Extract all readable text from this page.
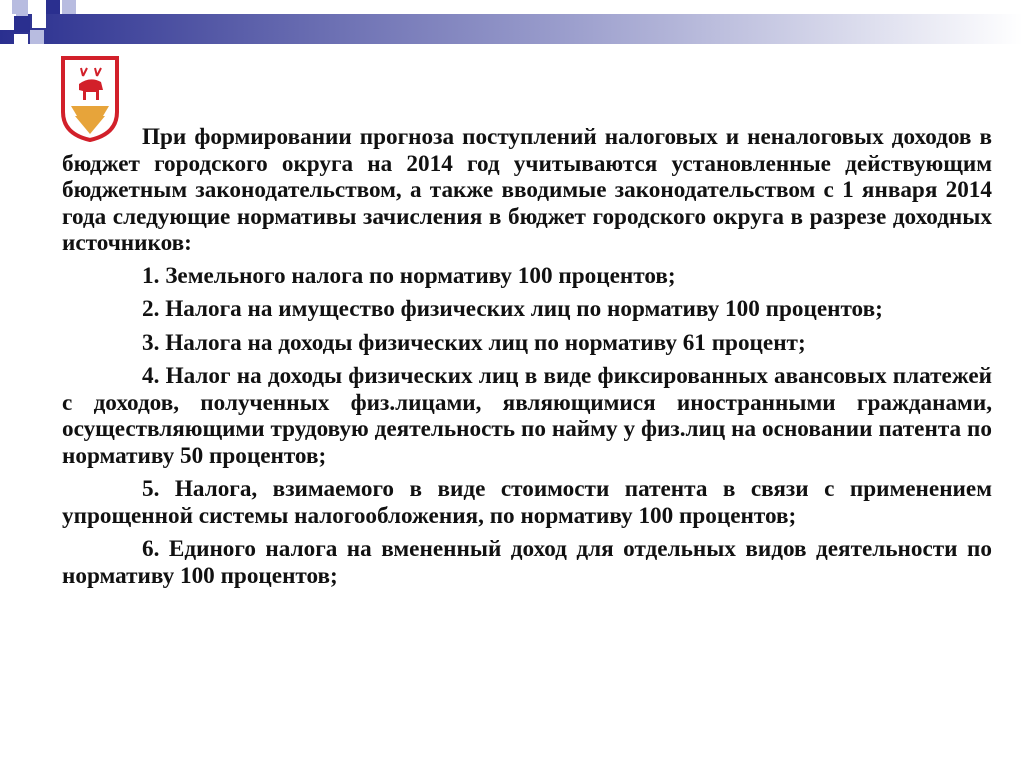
При формировании прогноза поступлений налоговых и неналоговых доходов в бюджет городского округа на 2014 год учитываются установленные действующим бюджетным законодательством, а также вводимые законодательством с 1 января 2014 года следующие нормативы зачисления в бюджет городского округа в разрезе доходных источников:

1. Земельного налога по нормативу 100 процентов;

2. Налога на имущество физических лиц по нормативу 100 процентов;

3. Налога на доходы физических лиц по нормативу 61 процент;

4. Налог на доходы физических лиц в виде фиксированных авансовых платежей с доходов, полученных физ.лицами, являющимися иностранными гражданами, осуществляющими трудовую деятельность по найму у физ.лиц на основании патента по нормативу 50 процентов;

5. Налога, взимаемого в виде стоимости патента в связи с применением упрощенной системы налогообложения, по нормативу 100 процентов;

6. Единого налога на вмененный доход для отдельных видов деятельности по нормативу 100 процентов;
